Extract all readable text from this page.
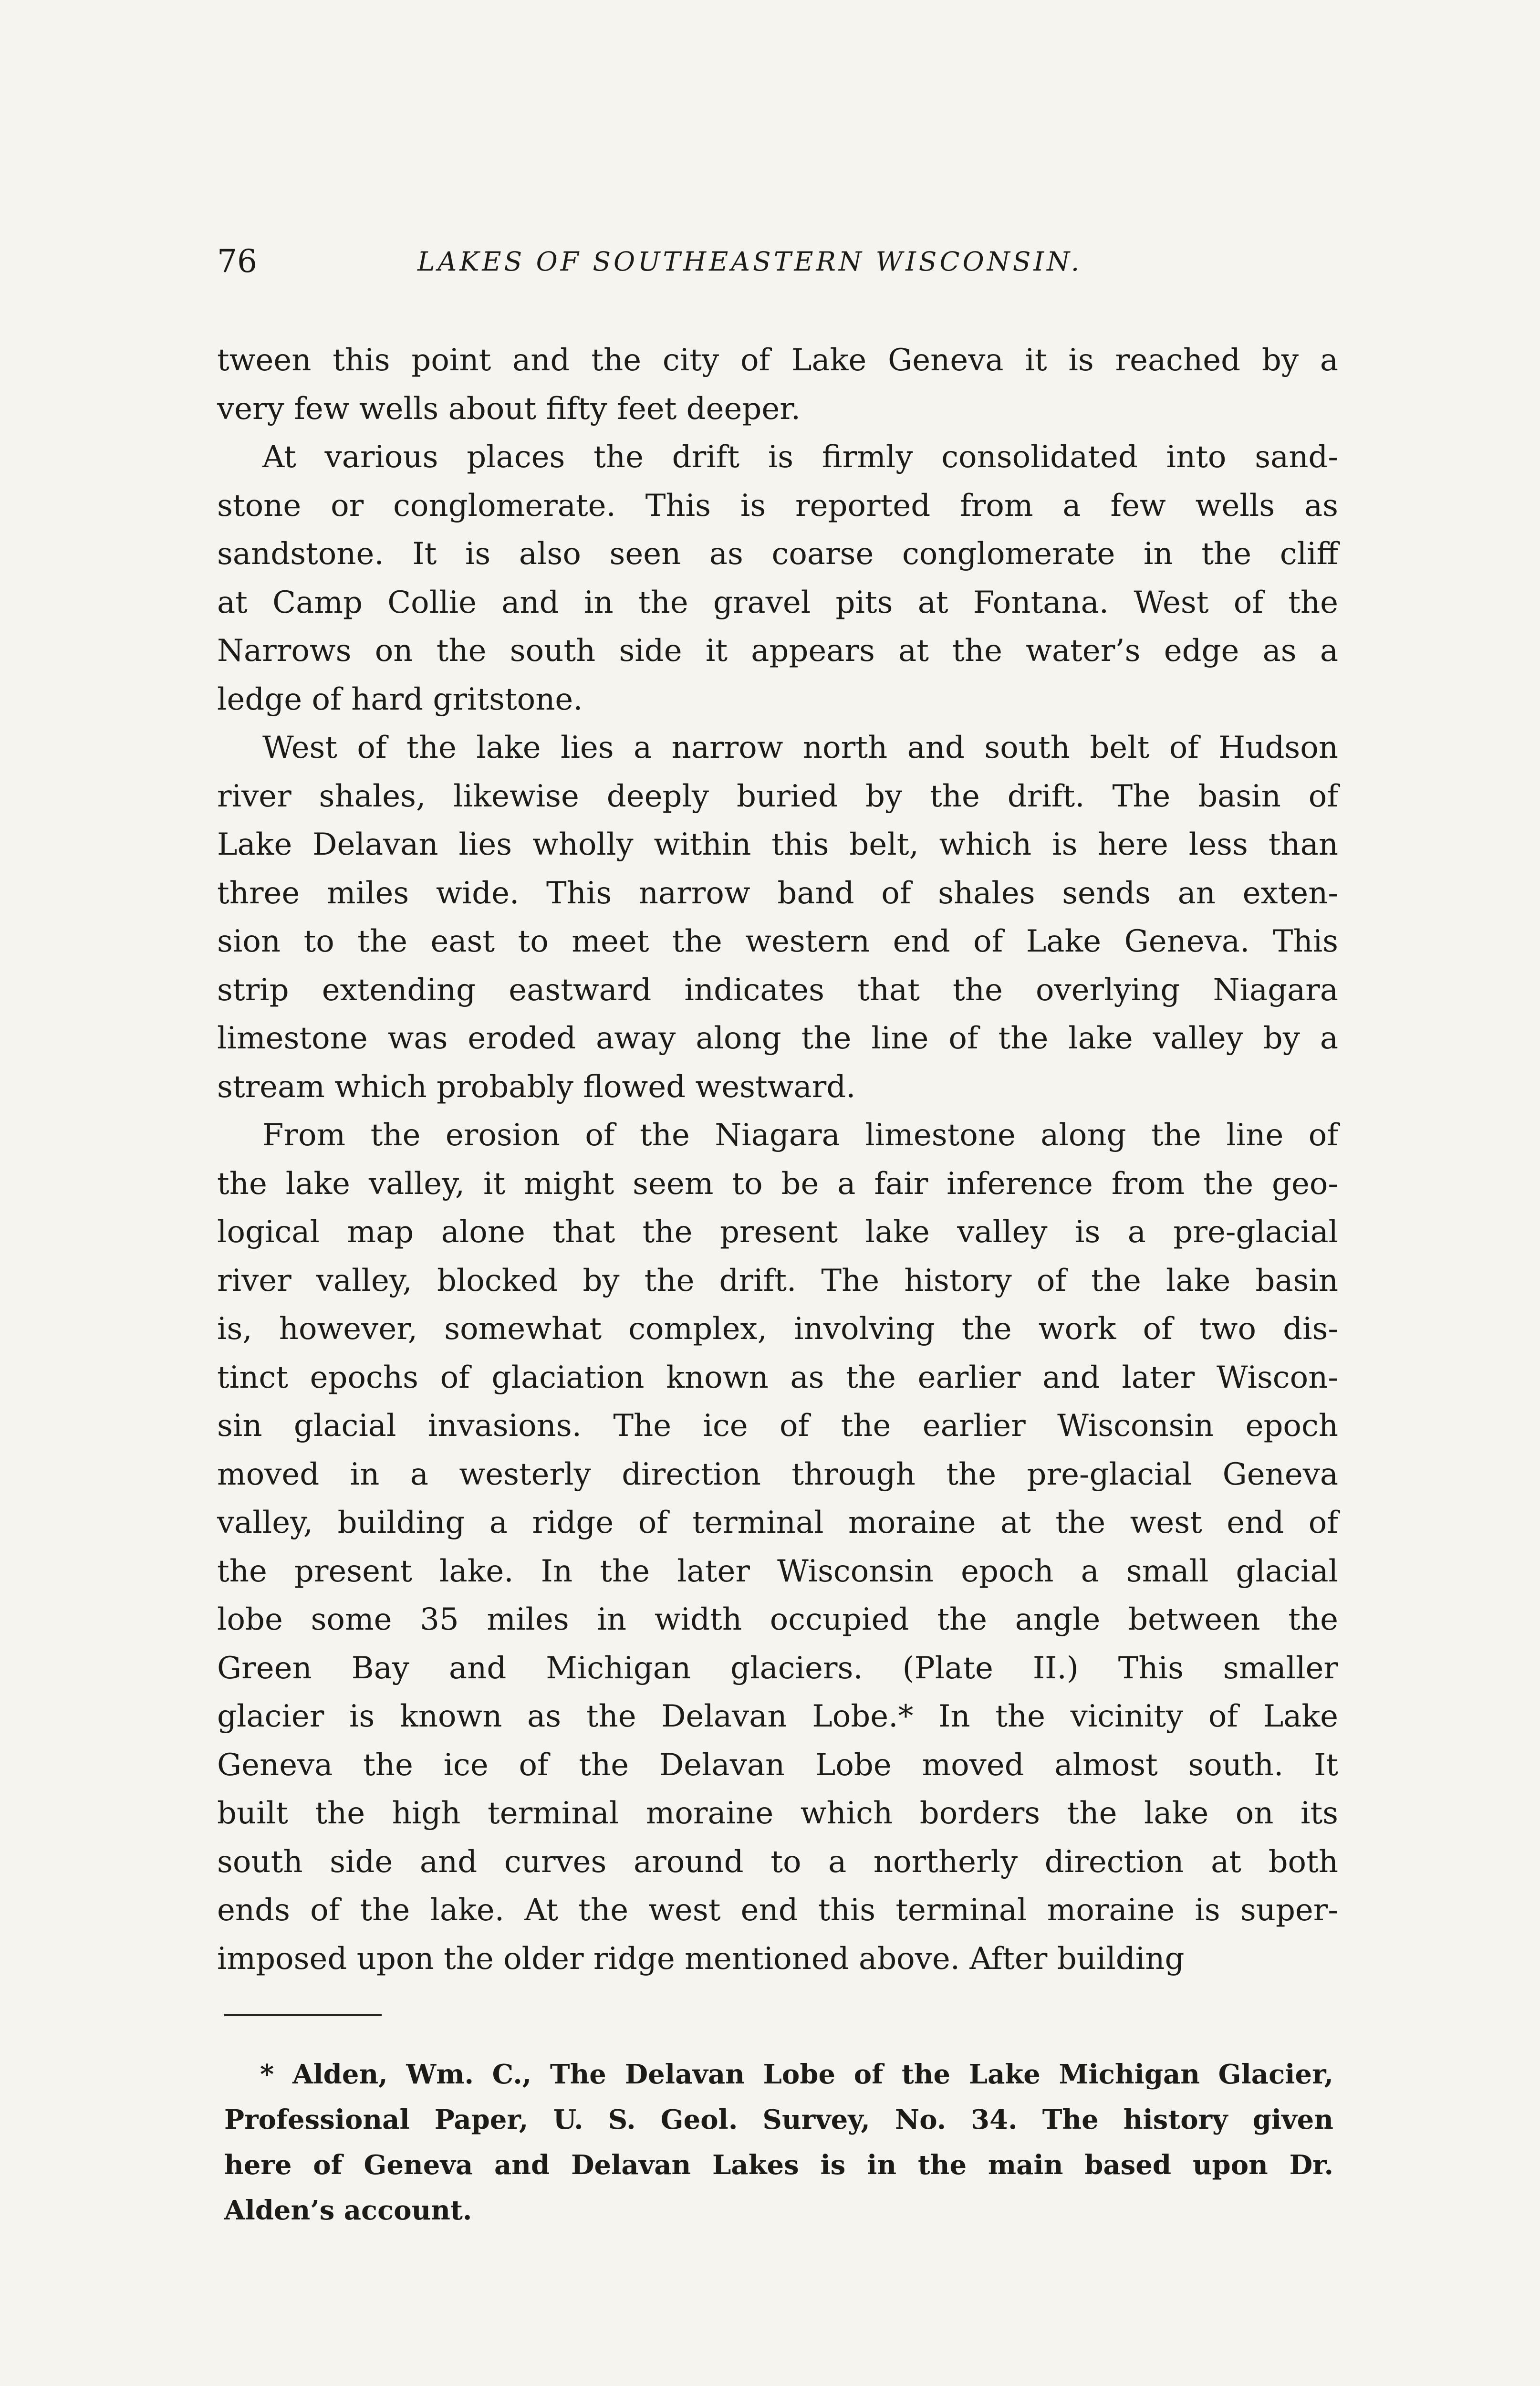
76	LAKES OF SOUTHEASTERN WISCONSIN.
tween this point and the city of Lake Geneva it is reached by a
very few wells about fifty feet deeper.
At various places the drift is firmly consolidated into sand-
stone or conglomerate. This is reported from a few wells as
sandstone. It is also seen as coarse conglomerate in the cliff
at Camp Collie and in the gravel pits at Fontana. West of the
Narrows on the south side it appears at the water’s edge as a
ledge of hard gritstone.
West of the lake lies a narrow north and south belt of Hudson
river shales, likewise deeply buried by the drift. The basin of
Lake Delavan lies wholly within this belt, which is here less than
three miles wide. This narrow band of shales sends an exten-
sion to the east to meet the western end of Lake Geneva. This
strip extending eastward indicates that the overlying Niagara
limestone was eroded away along the line of the lake valley by a
stream which probably flowed westward.
From the erosion of the Niagara limestone along the line of
the lake valley, it might seem to be a fair inference from the geo-
logical map alone that the present lake valley is a pre-glacial
river valley, blocked by the drift. The history of the lake basin
is, however, somewhat complex, involving the work of two dis-
tinct epochs of glaciation known as the earlier and later Wiscon-
sin glacial invasions. The ice of the earlier Wisconsin epoch
moved in a westerly direction through the pre-glacial Geneva
valley, building a ridge of terminal moraine at the west end of
the present lake. In the later Wisconsin epoch a small glacial
lobe some 35 miles in width occupied the angle between the
Green Bay and Michigan glaciers. (Plate II.) This smaller
glacier is known as the Delavan Lobe.* In the vicinity of Lake
Geneva the ice of the Delavan Lobe moved almost south. It
built the high terminal moraine which borders the lake on its
south side and curves around to a northerly direction at both
ends of the lake. At the west end this terminal moraine is super-
imposed upon the older ridge mentioned above. After building
* Alden, Wm. C., The Delavan Lobe of the Lake Michigan Glacier,
Professional Paper, U. S. Geol. Survey, No. 34. The history given
here of Geneva and Delavan Lakes is in the main based upon Dr.
Alden’s account.
